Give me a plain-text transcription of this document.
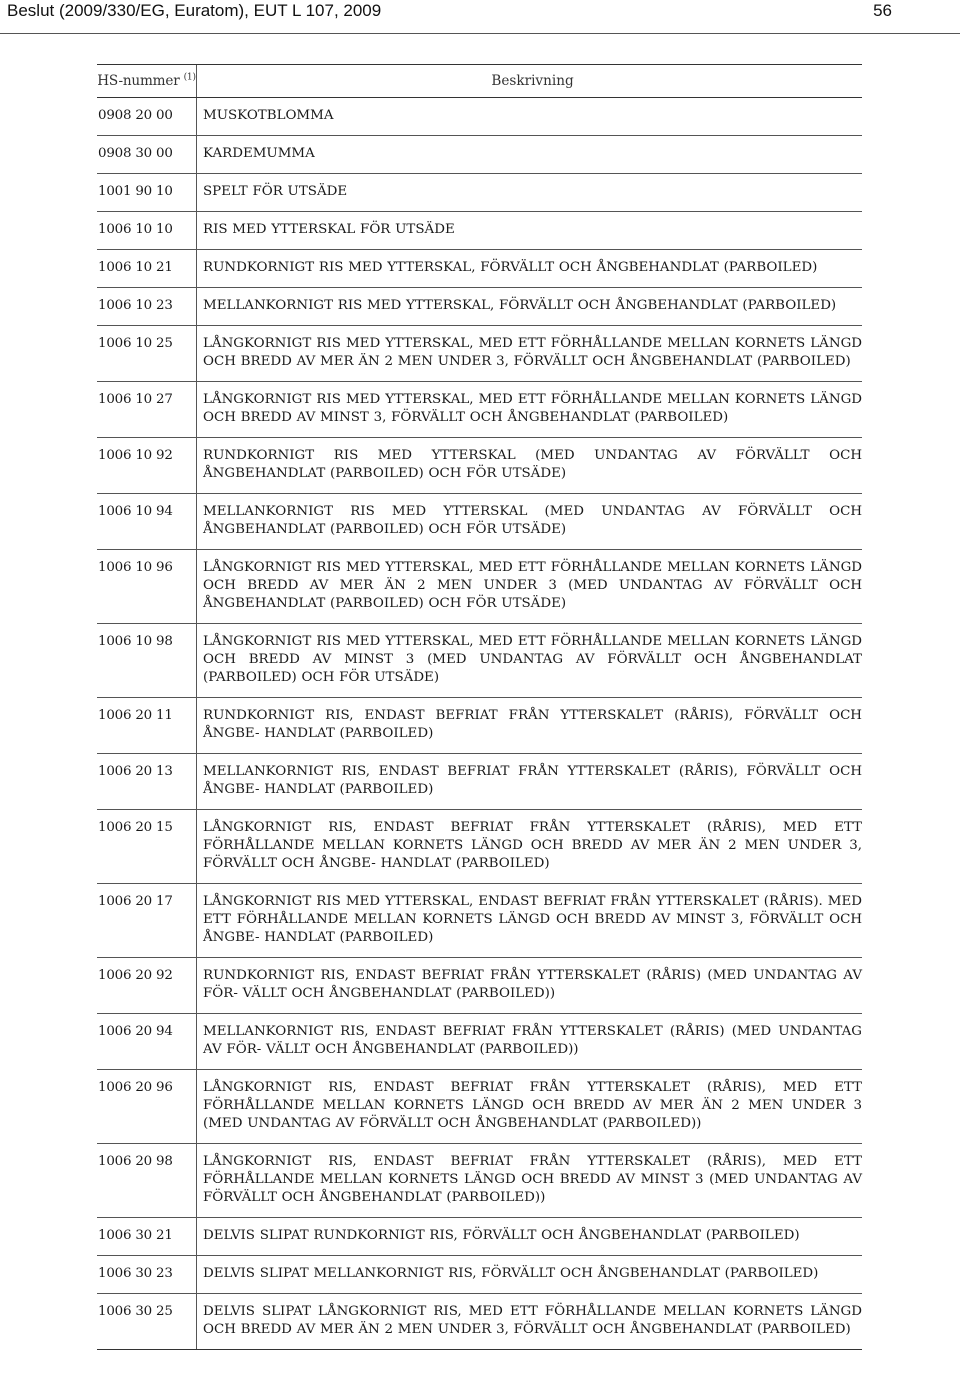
Beslut (2009/330/EG, Euratom), EUT L 107, 2009	56
HS-nummer $^{(1)}$	Beskrivning
0908 20 00	MUSKOTBLOMMA
0908 30 00	KARDEMUMMA
1001 90 10	SPELT FÖR UTSÄDE
1006 10 10	RIS MED YTTERSKAL FÖR UTSÄDE
1006 10 21	RUNDKORNIGT RIS MED YTTERSKAL, FÖRVÄLLT OCH ÅNGBEHANDLAT (PARBOILED)
1006 10 23	MELLANKORNIGT RIS MED YTTERSKAL, FÖRVÄLLT OCH ÅNGBEHANDLAT (PARBOILED)
1006 10 25	LÅNGKORNIGT RIS MED YTTERSKAL, MED ETT FÖRHÅLLANDE MELLAN KORNETS LÄNGD OCH BREDD AV MER ÄN 2 MEN UNDER 3, FÖRVÄLLT OCH ÅNGBEHANDLAT (PARBOILED)
1006 10 27	LÅNGKORNIGT RIS MED YTTERSKAL, MED ETT FÖRHÅLLANDE MELLAN KORNETS LÄNGD OCH BREDD AV MINST 3, FÖRVÄLLT OCH ÅNGBEHANDLAT (PARBOILED)
1006 10 92	RUNDKORNIGT RIS MED YTTERSKAL (MED UNDANTAG AV FÖRVÄLLT OCH ÅNGBEHANDLAT (PARBOILED) OCH FÖR UTSÄDE)
1006 10 94	MELLANKORNIGT RIS MED YTTERSKAL (MED UNDANTAG AV FÖRVÄLLT OCH ÅNGBEHANDLAT (PARBOILED) OCH FÖR UTSÄDE)
1006 10 96	LÅNGKORNIGT RIS MED YTTERSKAL, MED ETT FÖRHÅLLANDE MELLAN KORNETS LÄNGD OCH BREDD AV MER ÄN 2 MEN UNDER 3 (MED UNDANTAG AV FÖRVÄLLT OCH ÅNGBEHANDLAT (PARBOILED) OCH FÖR UTSÄDE)
1006 10 98	LÅNGKORNIGT RIS MED YTTERSKAL, MED ETT FÖRHÅLLANDE MELLAN KORNETS LÄNGD OCH BREDD AV MINST 3 (MED UNDANTAG AV FÖRVÄLLT OCH ÅNGBEHANDLAT (PARBOILED) OCH FÖR UTSÄDE)
1006 20 11	RUNDKORNIGT RIS, ENDAST BEFRIAT FRÅN YTTERSKALET (RÅRIS), FÖRVÄLLT OCH ÅNGBE- HANDLAT (PARBOILED)
1006 20 13	MELLANKORNIGT RIS, ENDAST BEFRIAT FRÅN YTTERSKALET (RÅRIS), FÖRVÄLLT OCH ÅNGBE- HANDLAT (PARBOILED)
1006 20 15	LÅNGKORNIGT RIS, ENDAST BEFRIAT FRÅN YTTERSKALET (RÅRIS), MED ETT FÖRHÅLLANDE MELLAN KORNETS LÄNGD OCH BREDD AV MER ÄN 2 MEN UNDER 3, FÖRVÄLLT OCH ÅNGBE- HANDLAT (PARBOILED)
1006 20 17	LÅNGKORNIGT RIS MED YTTERSKAL, ENDAST BEFRIAT FRÅN YTTERSKALET (RÅRIS). MED ETT FÖRHÅLLANDE MELLAN KORNETS LÄNGD OCH BREDD AV MINST 3, FÖRVÄLLT OCH ÅNGBE- HANDLAT (PARBOILED)
1006 20 92	RUNDKORNIGT RIS, ENDAST BEFRIAT FRÅN YTTERSKALET (RÅRIS) (MED UNDANTAG AV FÖR- VÄLLT OCH ÅNGBEHANDLAT (PARBOILED))
1006 20 94	MELLANKORNIGT RIS, ENDAST BEFRIAT FRÅN YTTERSKALET (RÅRIS) (MED UNDANTAG AV FÖR- VÄLLT OCH ÅNGBEHANDLAT (PARBOILED))
1006 20 96	LÅNGKORNIGT RIS, ENDAST BEFRIAT FRÅN YTTERSKALET (RÅRIS), MED ETT FÖRHÅLLANDE MELLAN KORNETS LÄNGD OCH BREDD AV MER ÄN 2 MEN UNDER 3 (MED UNDANTAG AV FÖRVÄLLT OCH ÅNGBEHANDLAT (PARBOILED))
1006 20 98	LÅNGKORNIGT RIS, ENDAST BEFRIAT FRÅN YTTERSKALET (RÅRIS), MED ETT FÖRHÅLLANDE MELLAN KORNETS LÄNGD OCH BREDD AV MINST 3 (MED UNDANTAG AV FÖRVÄLLT OCH ÅNGBEHANDLAT (PARBOILED))
1006 30 21	DELVIS SLIPAT RUNDKORNIGT RIS, FÖRVÄLLT OCH ÅNGBEHANDLAT (PARBOILED)
1006 30 23	DELVIS SLIPAT MELLANKORNIGT RIS, FÖRVÄLLT OCH ÅNGBEHANDLAT (PARBOILED)
1006 30 25	DELVIS SLIPAT LÅNGKORNIGT RIS, MED ETT FÖRHÅLLANDE MELLAN KORNETS LÄNGD OCH BREDD AV MER ÄN 2 MEN UNDER 3, FÖRVÄLLT OCH ÅNGBEHANDLAT (PARBOILED)
